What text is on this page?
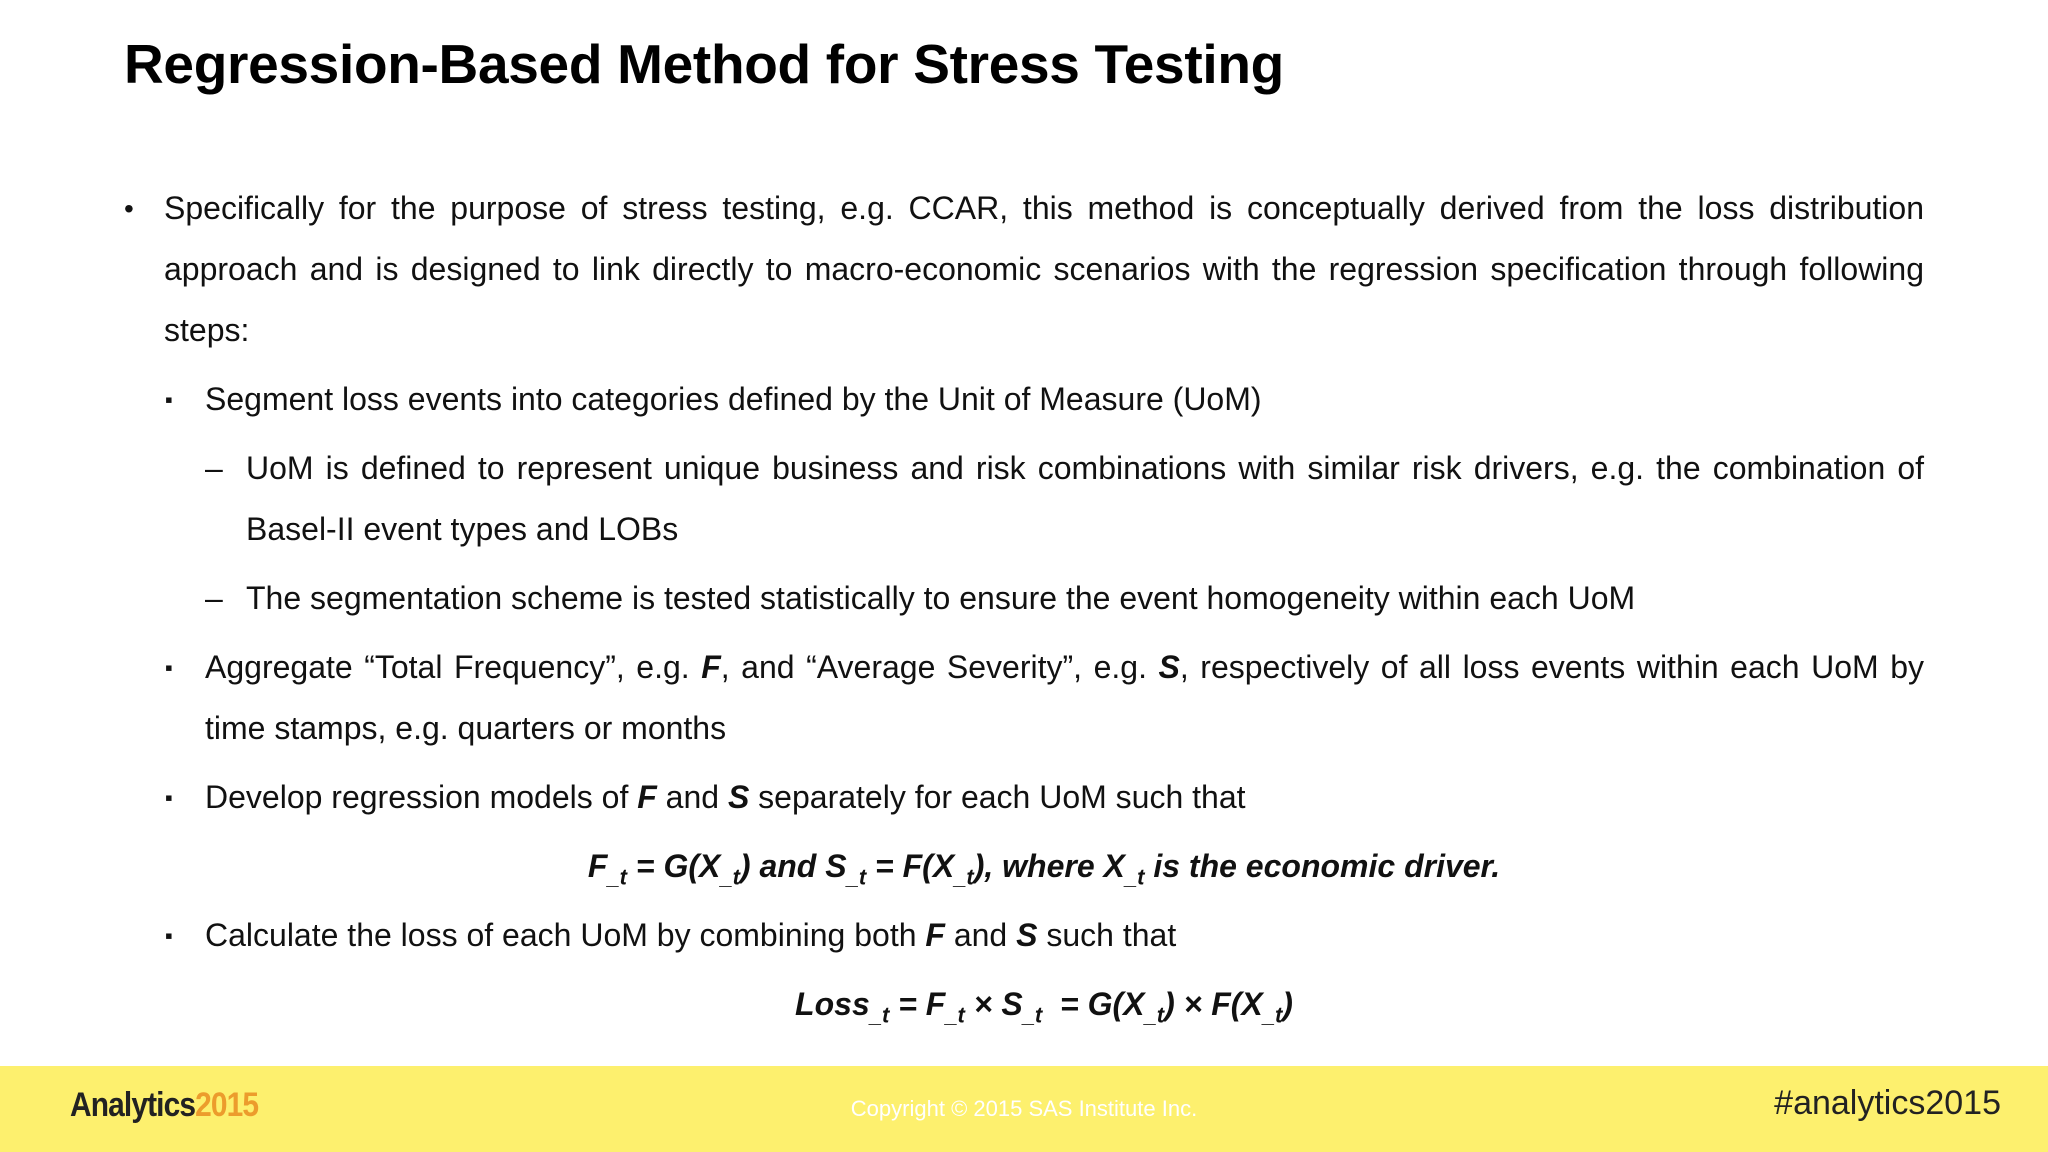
Regression-Based Method for Stress Testing
• Specifically for the purpose of stress testing, e.g. CCAR, this method is conceptually derived from the loss distribution approach and is designed to link directly to macro-economic scenarios with the regression specification through following steps:
▪ Segment loss events into categories defined by the Unit of Measure (UoM)
– UoM is defined to represent unique business and risk combinations with similar risk drivers, e.g. the combination of Basel-II event types and LOBs
– The segmentation scheme is tested statistically to ensure the event homogeneity within each UoM
▪ Aggregate “Total Frequency”, e.g. F, and “Average Severity”, e.g. S, respectively of all loss events within each UoM by time stamps, e.g. quarters or months
▪ Develop regression models of F and S separately for each UoM such that
$F_{\_t} = G(X_{\_t})$ and $S_{\_t} = F(X_{\_t})$, where $X_{\_t}$ is the economic driver.
▪ Calculate the loss of each UoM by combining both F and S such that
Loss$_{\_t}$ = $F_{\_t} \times S_{\_t} = G(X_{\_t}) \times F(X_{\_t})$
Analytics2015	Copyright © 2015 SAS Institute Inc.	#analytics2015
